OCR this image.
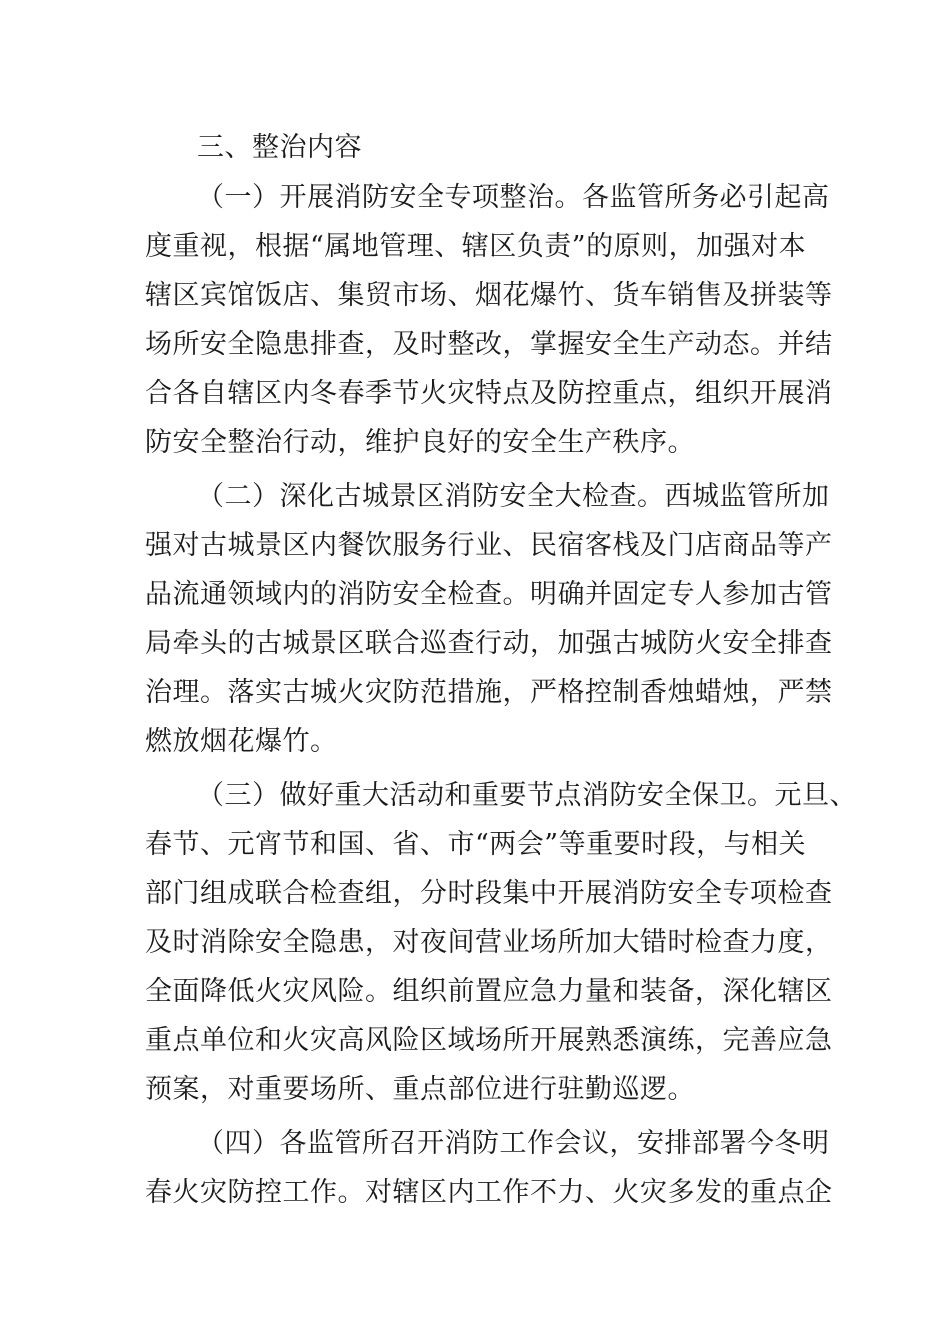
三、整治内容
（一）开展消防安全专项整治。各监管所务必引起高
度重视，根据“属地管理、辖区负责”的原则，加强对本
辖区宾馆饭店、集贸市场、烟花爆竹、货车销售及拼装等
场所安全隐患排查，及时整改，掌握安全生产动态。并结
合各自辖区内冬春季节火灾特点及防控重点，组织开展消
防安全整治行动，维护良好的安全生产秩序。
（二）深化古城景区消防安全大检查。西城监管所加
强对古城景区内餐饮服务行业、民宿客栈及门店商品等产
品流通领域内的消防安全检查。明确并固定专人参加古管
局牵头的古城景区联合巡查行动，加强古城防火安全排查
治理。落实古城火灾防范措施，严格控制香烛蜡烛，严禁
燃放烟花爆竹。
（三）做好重大活动和重要节点消防安全保卫。元旦、
春节、元宵节和国、省、市“两会”等重要时段，与相关
部门组成联合检查组，分时段集中开展消防安全专项检查
及时消除安全隐患，对夜间营业场所加大错时检查力度，
全面降低火灾风险。组织前置应急力量和装备，深化辖区
重点单位和火灾高风险区域场所开展熟悉演练，完善应急
预案，对重要场所、重点部位进行驻勤巡逻。
（四）各监管所召开消防工作会议，安排部署今冬明
春火灾防控工作。对辖区内工作不力、火灾多发的重点企
